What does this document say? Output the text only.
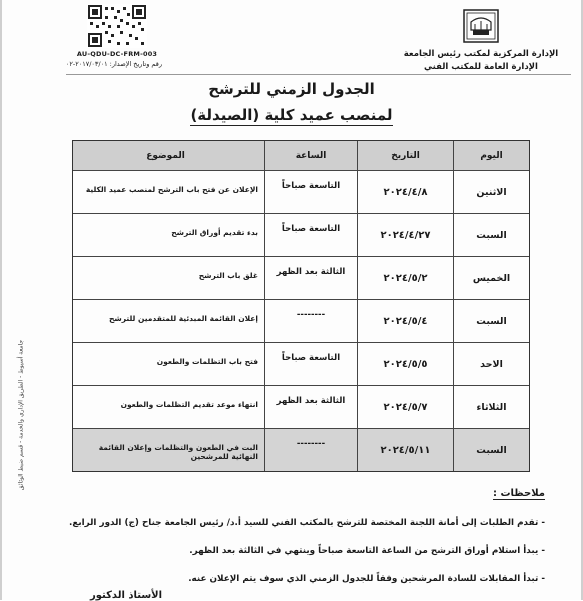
الإدارة المركزية لمكتب رئيس الجامعة
الإدارة العامة للمكتب الفني
AU-QDU-DC-FRM-003
رقم وتاريخ الإصدار: ٢٠١٧/٠٣/٠١-٠٢
الجدول الزمني للترشح
لمنصب عميد كلية (الصيدلة)
اليوم
التاريخ
الساعة
الموضوع
الاثنين
٢٠٢٤/٤/٨
التاسعة صباحاً
الإعلان عن فتح باب الترشح لمنصب عميد الكلية
السبت
٢٠٢٤/٤/٢٧
التاسعة صباحاً
بدء تقديم أوراق الترشح
الخميس
٢٠٢٤/٥/٢
الثالثة بعد الظهر
غلق باب الترشح
السبت
٢٠٢٤/٥/٤
--------
إعلان القائمة المبدئية للمتقدمين للترشح
الاحد
٢٠٢٤/٥/٥
التاسعة صباحاً
فتح باب التظلمات والطعون
الثلاثاء
٢٠٢٤/٥/٧
الثالثة بعد الظهر
انتهاء موعد تقديم التظلمات والطعون
السبت
٢٠٢٤/٥/١١
--------
البت في الطعون والتظلمات وإعلان القائمة النهائية للمرشحين
ملاحظات :
- تقدم الطلبات إلى أمانة اللجنة المختصة للترشح بالمكتب الفني للسيد أ.د/ رئيس الجامعة جناح (ج) الدور الرابع.
- يبدأ استلام أوراق الترشح من الساعة التاسعة صباحاً وينتهي في الثالثة بعد الظهر.
- تبدأ المقابلات للسادة المرشحين وفقاً للجدول الزمني الذي سوف يتم الإعلان عنه.
الأستاذ الدكتور
جامعة أسيوط - الطريق الإداري والخدمة - قسم ضبط الوثائق
